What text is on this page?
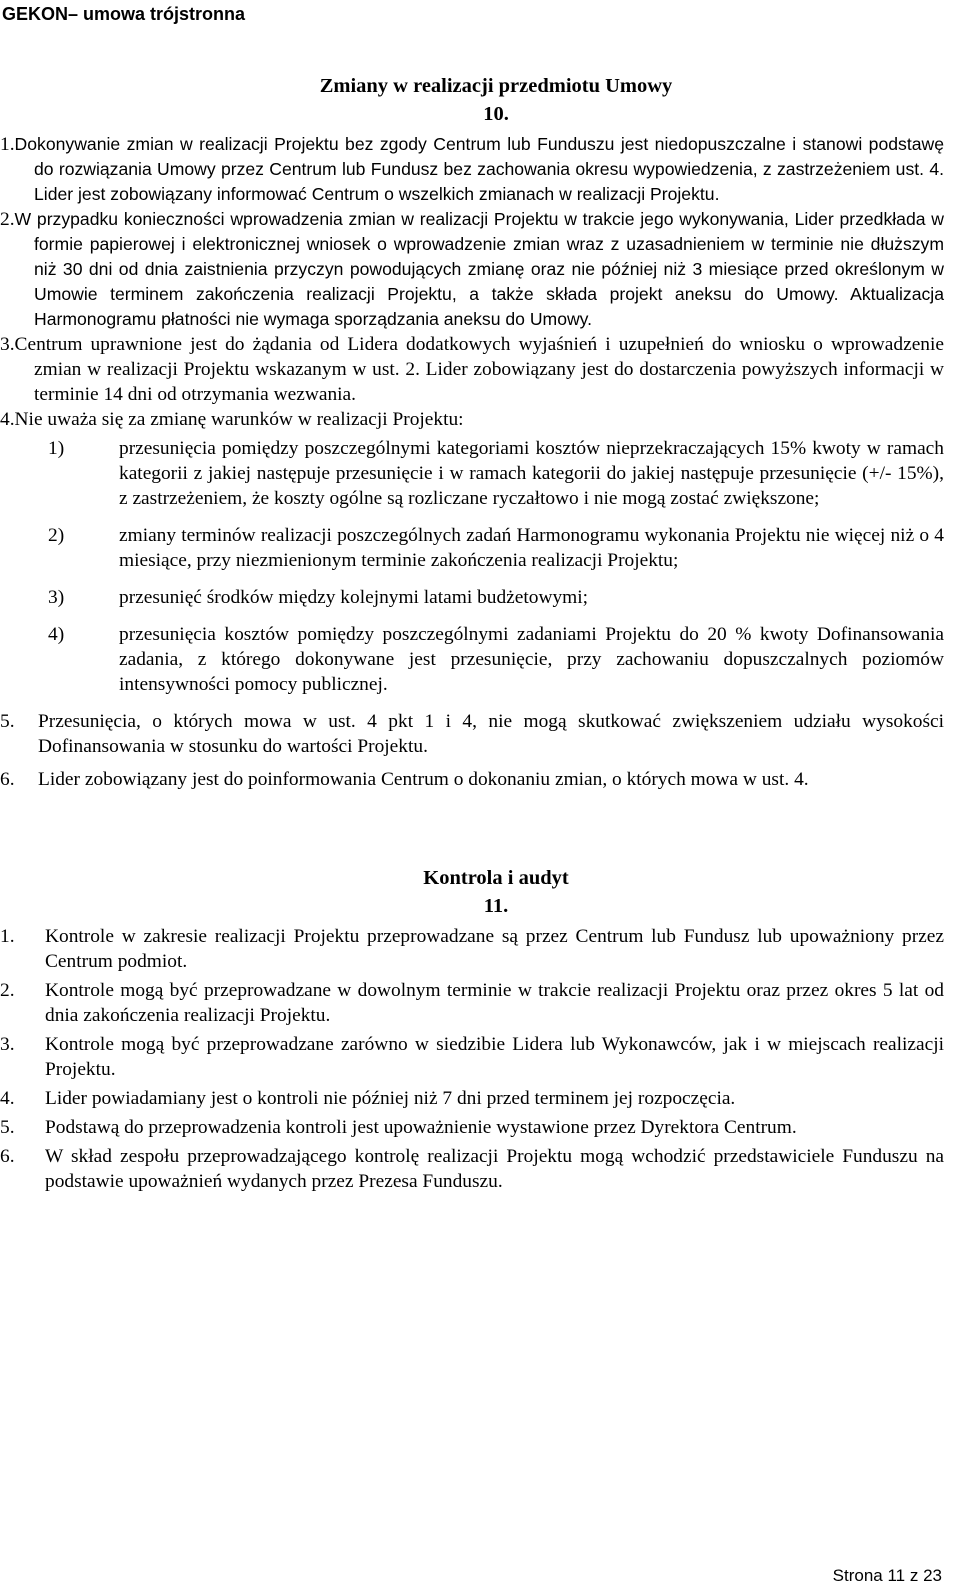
GEKON– umowa trójstronna
Zmiany w realizacji przedmiotu Umowy
10.

1.Dokonywanie zmian w realizacji Projektu bez zgody Centrum lub Funduszu jest niedopuszczalne i stanowi podstawę do rozwiązania Umowy przez Centrum lub Fundusz bez zachowania okresu wypowiedzenia, z zastrzeżeniem ust. 4. Lider jest zobowiązany informować Centrum o wszelkich zmianach w realizacji Projektu.

2.W przypadku konieczności wprowadzenia zmian w realizacji Projektu w trakcie jego wykonywania, Lider przedkłada w formie papierowej i elektronicznej wniosek o wprowadzenie zmian wraz z uzasadnieniem w terminie nie dłuższym niż 30 dni od dnia zaistnienia przyczyn powodujących zmianę oraz nie później niż 3 miesiące przed określonym w Umowie terminem zakończenia realizacji Projektu, a także składa projekt aneksu do Umowy. Aktualizacja Harmonogramu płatności nie wymaga sporządzania aneksu do Umowy.

3.Centrum uprawnione jest do żądania od Lidera dodatkowych wyjaśnień i uzupełnień do wniosku o wprowadzenie zmian w realizacji Projektu wskazanym w ust. 2. Lider zobowiązany jest do dostarczenia powyższych informacji w terminie 14 dni od otrzymania wezwania.

4.Nie uważa się za zmianę warunków w realizacji Projektu:

1)	przesunięcia pomiędzy poszczególnymi kategoriami kosztów nieprzekraczających 15% kwoty w ramach kategorii z jakiej następuje przesunięcie i w ramach kategorii do jakiej następuje przesunięcie (+/- 15%), z zastrzeżeniem, że koszty ogólne są rozliczane ryczałtowo i nie mogą zostać zwiększone;
2)	zmiany terminów realizacji poszczególnych zadań Harmonogramu wykonania Projektu nie więcej niż o 4 miesiące, przy niezmienionym terminie zakończenia realizacji Projektu;
3)	przesunięć środków między kolejnymi latami budżetowymi;
4)	przesunięcia kosztów pomiędzy poszczególnymi zadaniami Projektu do 20 % kwoty Dofinansowania zadania, z którego dokonywane jest przesunięcie, przy zachowaniu dopuszczalnych poziomów intensywności pomocy publicznej.
5. Przesunięcia, o których mowa w ust. 4 pkt 1 i 4, nie mogą skutkować zwiększeniem udziału wysokości Dofinansowania w stosunku do wartości Projektu.
6. Lider zobowiązany jest do poinformowania Centrum o dokonaniu zmian, o których mowa w ust. 4.
Kontrola i audyt
11.
1. Kontrole w zakresie realizacji Projektu przeprowadzane są przez Centrum lub Fundusz lub upoważniony przez Centrum podmiot.
2. Kontrole mogą być przeprowadzane w dowolnym terminie w trakcie realizacji Projektu oraz przez okres 5 lat od dnia zakończenia realizacji Projektu.
3. Kontrole mogą być przeprowadzane zarówno w siedzibie Lidera lub Wykonawców, jak i w miejscach realizacji Projektu.
4. Lider powiadamiany jest o kontroli nie później niż 7 dni przed terminem jej rozpoczęcia.
5. Podstawą do przeprowadzenia kontroli jest upoważnienie wystawione przez Dyrektora Centrum.
6. W skład zespołu przeprowadzającego kontrolę realizacji Projektu mogą wchodzić przedstawiciele Funduszu na podstawie upoważnień wydanych przez Prezesa Funduszu.
Strona 11 z 23
